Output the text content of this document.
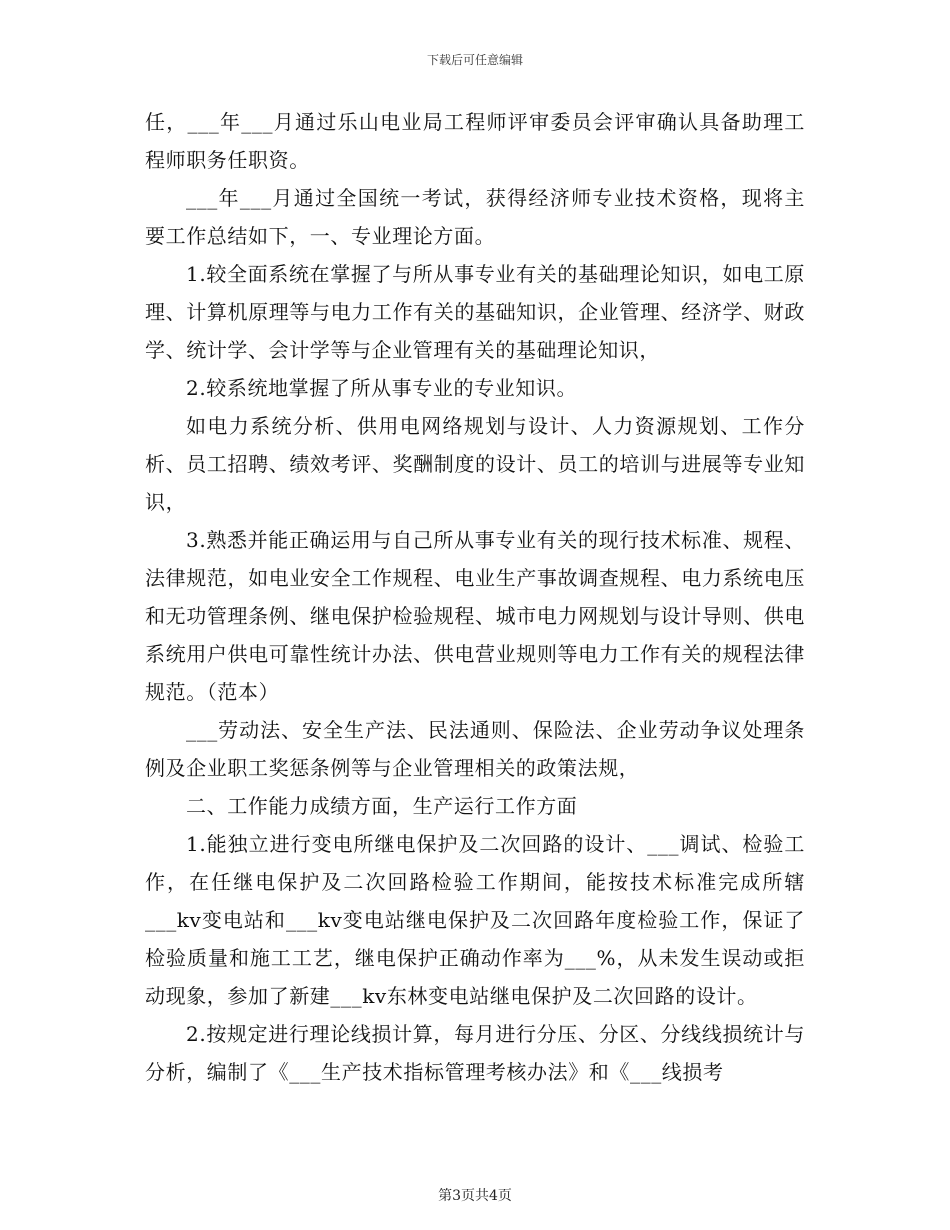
下载后可任意编辑

任，___年___月通过乐山电业局工程师评审委员会评审确认具备助理工程师职务任职资。

___年___月通过全国统一考试，获得经济师专业技术资格，现将主要工作总结如下，一、专业理论方面。

1.较全面系统在掌握了与所从事专业有关的基础理论知识，如电工原理、计算机原理等与电力工作有关的基础知识，企业管理、经济学、财政学、统计学、会计学等与企业管理有关的基础理论知识，

2.较系统地掌握了所从事专业的专业知识。

如电力系统分析、供用电网络规划与设计、人力资源规划、工作分析、员工招聘、绩效考评、奖酬制度的设计、员工的培训与进展等专业知识，

3.熟悉并能正确运用与自己所从事专业有关的现行技术标准、规程、法律规范，如电业安全工作规程、电业生产事故调查规程、电力系统电压和无功管理条例、继电保护检验规程、城市电力网规划与设计导则、供电系统用户供电可靠性统计办法、供电营业规则等电力工作有关的规程法律规范。（范本）

___劳动法、安全生产法、民法通则、保险法、企业劳动争议处理条例及企业职工奖惩条例等与企业管理相关的政策法规，

二、工作能力成绩方面，生产运行工作方面

1.能独立进行变电所继电保护及二次回路的设计、___调试、检验工作，在任继电保护及二次回路检验工作期间，能按技术标准完成所辖___kv变电站和___kv变电站继电保护及二次回路年度检验工作，保证了检验质量和施工工艺，继电保护正确动作率为___%，从未发生误动或拒动现象，参加了新建___kv东林变电站继电保护及二次回路的设计。

2.按规定进行理论线损计算，每月进行分压、分区、分线线损统计与分析，编制了《___生产技术指标管理考核办法》和《___线损考

第3页共4页
